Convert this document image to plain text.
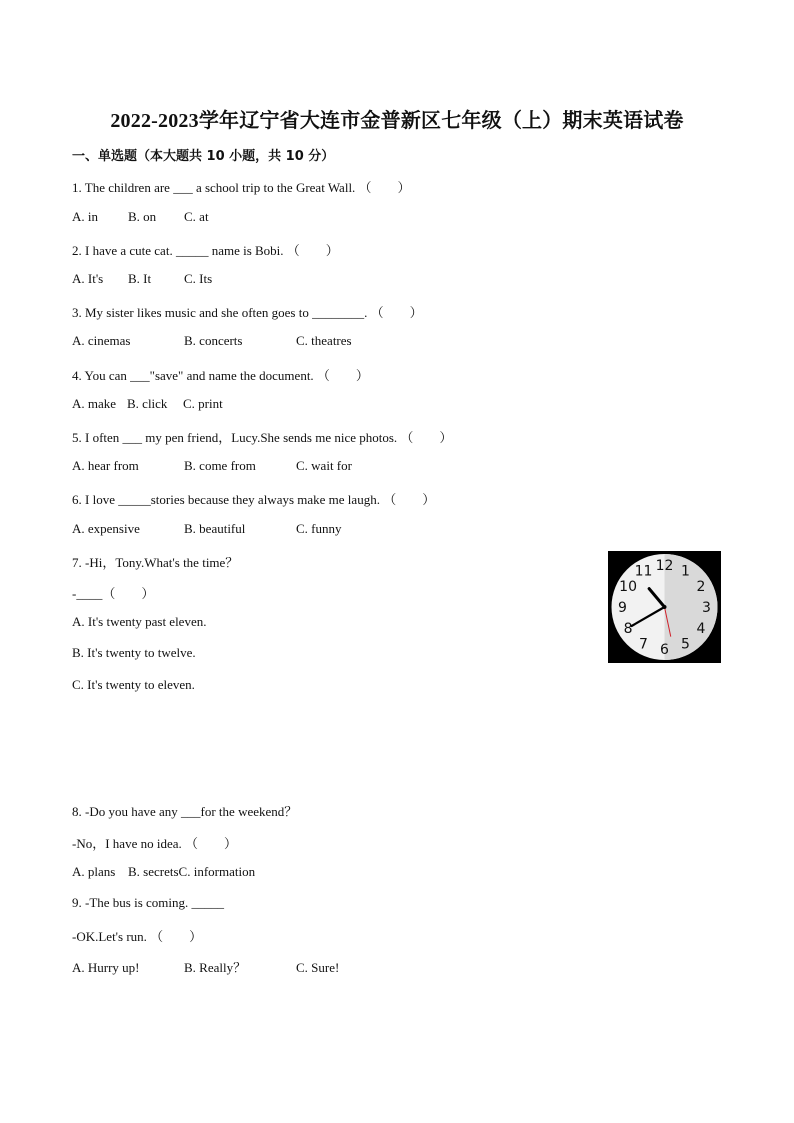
2022-2023学年辽宁省大连市金普新区七年级（上）期末英语试卷
一、单选题（本大题共 10 小题，共 10 分）
1. The children are ___ a school trip to the Great Wall. （　　）
A. in B. on C. at
2. I have a cute cat. _____ name is Bobi. （　　）
A. It's B. It	C. Its
3. My sister likes music and she often goes to ________. （　　）
A. cinemas	B. concerts	C. theatres
4. You can ___"save" and name the document. （　　）
A. make B. click C. print
5. I often ___ my pen friend，Lucy.She sends me nice photos. （　　）
A. hear from	B. come from	C. wait for
6. I love _____stories because they always make me laugh. （　　）
A. expensive	B. beautiful	C. funny
7. -Hi，Tony.What's the time？
-____（　　）
A. It's twenty past eleven.
B. It's twenty to twelve.
C. It's twenty to eleven.
12 1
2
3
4
5
6
7
8
9
10
11
8. -Do you have any ___for the weekend？
-No，I have no idea. （　　）
A. plans B. secretsC. information
9. -The bus is coming. _____
-OK.Let's run. （　　）
A. Hurry up!	B. Really？	C. Sure!
